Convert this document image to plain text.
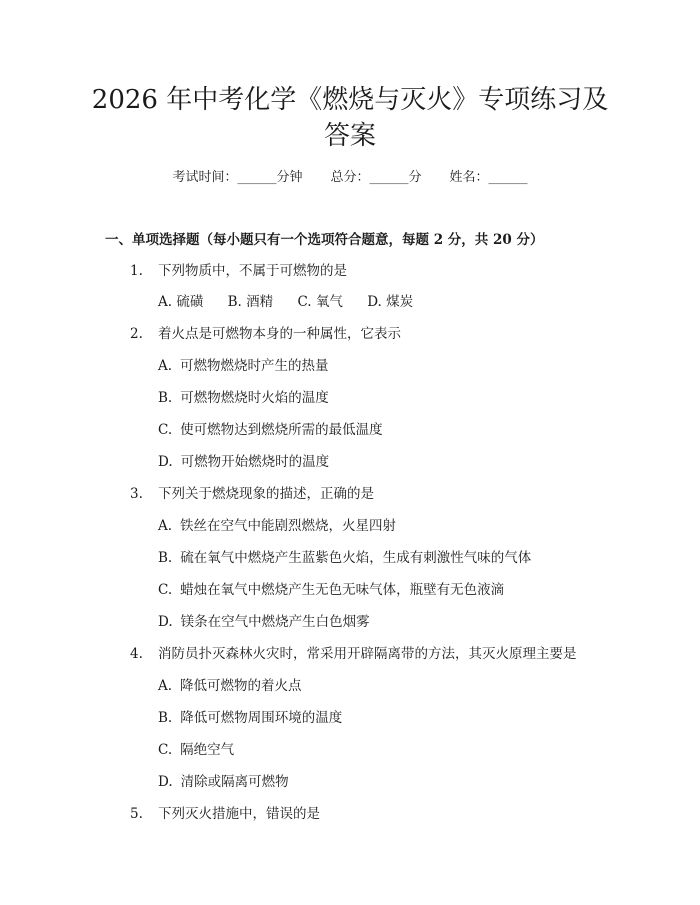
2026 年中考化学《燃烧与灭火》专项练习及
答案
考试时间：______分钟 总分：______分 姓名：______
一、单项选择题（每小题只有一个选项符合题意，每题 2 分，共 20 分）
1.	下列物质中，不属于可燃物的是
A. 硫磺 B. 酒精 C. 氧气 D. 煤炭
2.	着火点是可燃物本身的一种属性，它表示
A. 可燃物燃烧时产生的热量
B. 可燃物燃烧时火焰的温度
C. 使可燃物达到燃烧所需的最低温度
D. 可燃物开始燃烧时的温度
3.	下列关于燃烧现象的描述，正确的是
A. 铁丝在空气中能剧烈燃烧，火星四射
B. 硫在氧气中燃烧产生蓝紫色火焰，生成有刺激性气味的气体
C. 蜡烛在氧气中燃烧产生无色无味气体，瓶壁有无色液滴
D. 镁条在空气中燃烧产生白色烟雾
4.	消防员扑灭森林火灾时，常采用开辟隔离带的方法，其灭火原理主要是
A. 降低可燃物的着火点
B. 降低可燃物周围环境的温度
C. 隔绝空气
D. 清除或隔离可燃物
5.	下列灭火措施中，错误的是
